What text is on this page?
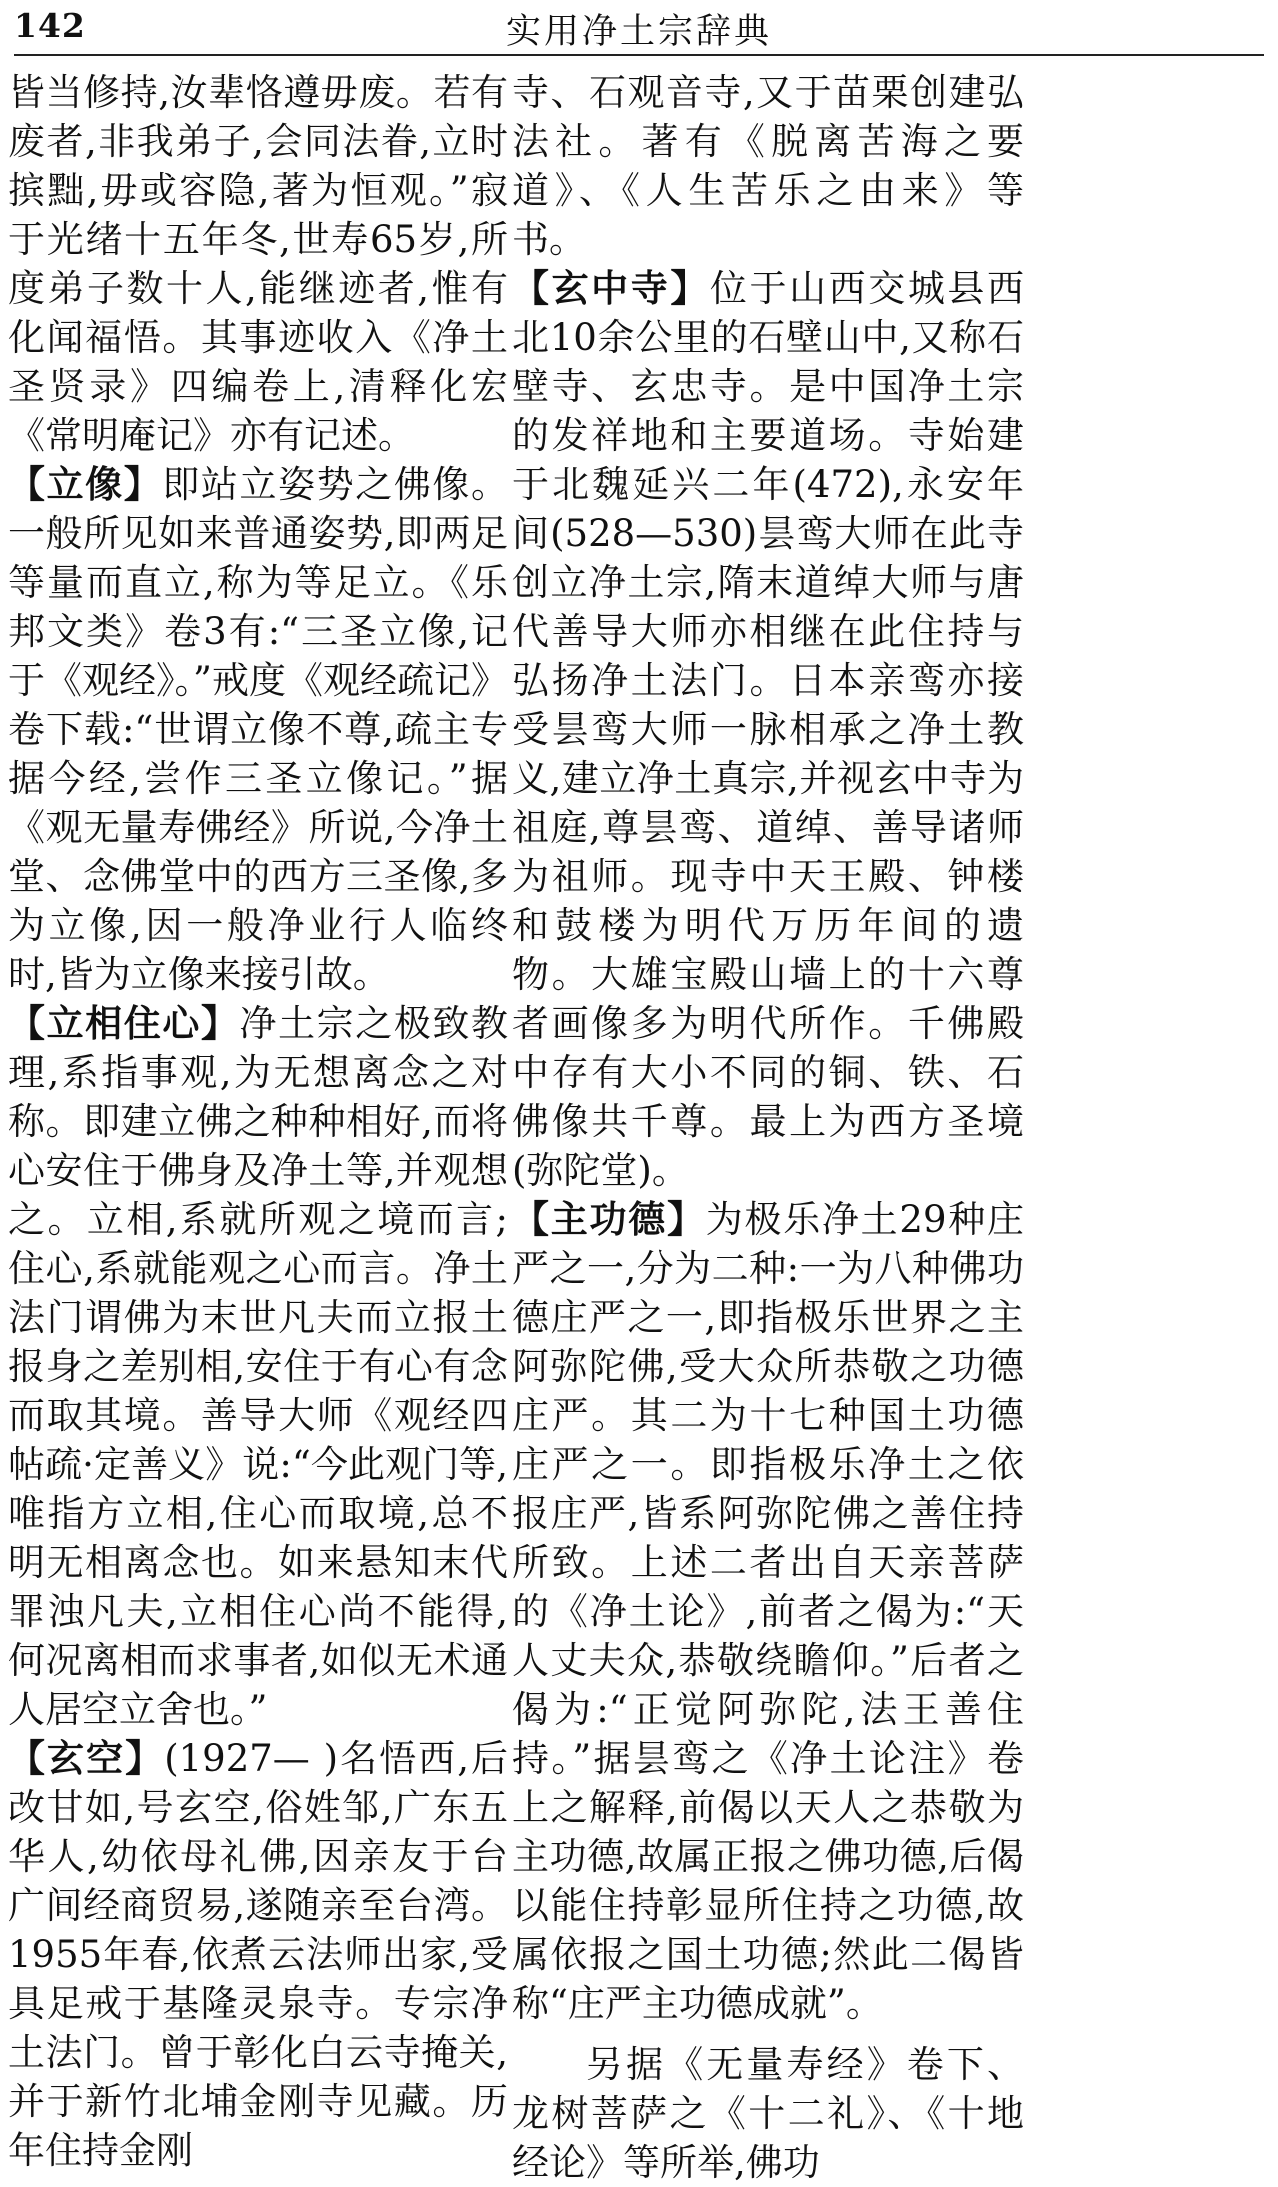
142	实用净土宗辞典

皆当修持,汝辈恪遵毋废。若有废者,非我弟子,会同法眷,立时摈黜,毋或容隐,著为恒观。”寂于光绪十五年冬,世寿65岁,所度弟子数十人,能继迹者,惟有化闻福悟。其事迹收入《净土圣贤录》四编卷上,清释化宏《常明庵记》亦有记述。

【立像】即站立姿势之佛像。一般所见如来普通姿势,即两足等量而直立,称为等足立。《乐邦文类》卷3有:“三圣立像,记于《观经》。”戒度《观经疏记》卷下载:“世谓立像不尊,疏主专据今经,尝作三圣立像记。”据《观无量寿佛经》所说,今净土堂、念佛堂中的西方三圣像,多为立像,因一般净业行人临终时,皆为立像来接引故。

【立相住心】净土宗之极致教理,系指事观,为无想离念之对称。即建立佛之种种相好,而将心安住于佛身及净土等,并观想之。立相,系就所观之境而言;住心,系就能观之心而言。净土法门谓佛为末世凡夫而立报土报身之差别相,安住于有心有念而取其境。善导大师《观经四帖疏·定善义》说:“今此观门等,唯指方立相,住心而取境,总不明无相离念也。如来悬知末代罪浊凡夫,立相住心尚不能得,何况离相而求事者,如似无术通人居空立舍也。”

【玄空】(1927— )名悟西,后改甘如,号玄空,俗姓邹,广东五华人,幼依母礼佛,因亲友于台广间经商贸易,遂随亲至台湾。1955年春,依煮云法师出家,受具足戒于基隆灵泉寺。专宗净土法门。曾于彰化白云寺掩关,并于新竹北埔金刚寺见藏。历年住持金刚

寺、石观音寺,又于苗栗创建弘法社。著有《脱离苦海之要道》、《人生苦乐之由来》等书。

【玄中寺】位于山西交城县西北10余公里的石壁山中,又称石壁寺、玄忠寺。是中国净土宗的发祥地和主要道场。寺始建于北魏延兴二年(472),永安年间(528—530)昙鸾大师在此寺创立净土宗,隋末道绰大师与唐代善导大师亦相继在此住持与弘扬净土法门。日本亲鸾亦接受昙鸾大师一脉相承之净土教义,建立净土真宗,并视玄中寺为祖庭,尊昙鸾、道绰、善导诸师为祖师。现寺中天王殿、钟楼和鼓楼为明代万历年间的遗物。大雄宝殿山墙上的十六尊者画像多为明代所作。千佛殿中存有大小不同的铜、铁、石佛像共千尊。最上为西方圣境(弥陀堂)。

【主功德】为极乐净土29种庄严之一,分为二种:一为八种佛功德庄严之一,即指极乐世界之主阿弥陀佛,受大众所恭敬之功德庄严。其二为十七种国土功德庄严之一。即指极乐净土之依报庄严,皆系阿弥陀佛之善住持所致。上述二者出自天亲菩萨的《净土论》,前者之偈为:“天人丈夫众,恭敬绕瞻仰。”后者之偈为:“正觉阿弥陀,法王善住持。”据昙鸾之《净土论注》卷上之解释,前偈以天人之恭敬为主功德,故属正报之佛功德,后偈以能住持彰显所住持之功德,故属依报之国土功德;然此二偈皆称“庄严主功德成就”。

另据《无量寿经》卷下、龙树菩萨之《十二礼》、《十地经论》等所举,佛功
